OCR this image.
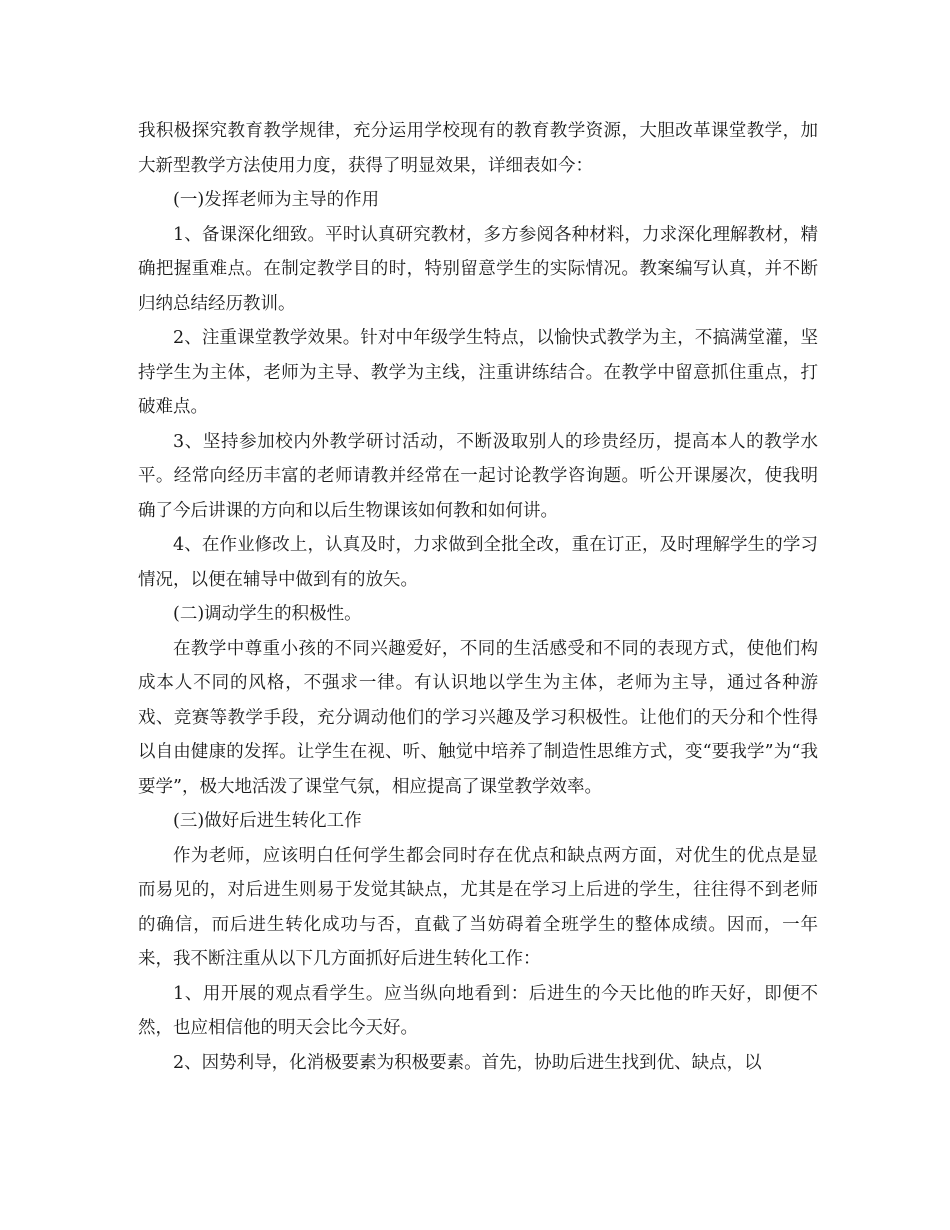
我积极探究教育教学规律，充分运用学校现有的教育教学资源，大胆改革课堂教学，加大新型教学方法使用力度，获得了明显效果，详细表如今：

(一)发挥老师为主导的作用

1、备课深化细致。平时认真研究教材，多方参阅各种材料，力求深化理解教材，精确把握重难点。在制定教学目的时，特别留意学生的实际情况。教案编写认真，并不断归纳总结经历教训。

2、注重课堂教学效果。针对中年级学生特点，以愉快式教学为主，不搞满堂灌，坚持学生为主体，老师为主导、教学为主线，注重讲练结合。在教学中留意抓住重点，打破难点。

3、坚持参加校内外教学研讨活动，不断汲取别人的珍贵经历，提高本人的教学水平。经常向经历丰富的老师请教并经常在一起讨论教学咨询题。听公开课屡次，使我明确了今后讲课的方向和以后生物课该如何教和如何讲。

4、在作业修改上，认真及时，力求做到全批全改，重在订正，及时理解学生的学习情况，以便在辅导中做到有的放矢。

(二)调动学生的积极性。

在教学中尊重小孩的不同兴趣爱好，不同的生活感受和不同的表现方式，使他们构成本人不同的风格，不强求一律。有认识地以学生为主体，老师为主导，通过各种游戏、竞赛等教学手段，充分调动他们的学习兴趣及学习积极性。让他们的天分和个性得以自由健康的发挥。让学生在视、听、触觉中培养了制造性思维方式，变“要我学”为“我要学”，极大地活泼了课堂气氛，相应提高了课堂教学效率。

(三)做好后进生转化工作

作为老师，应该明白任何学生都会同时存在优点和缺点两方面，对优生的优点是显而易见的，对后进生则易于发觉其缺点，尤其是在学习上后进的学生，往往得不到老师的确信，而后进生转化成功与否，直截了当妨碍着全班学生的整体成绩。因而，一年来，我不断注重从以下几方面抓好后进生转化工作：

1、用开展的观点看学生。应当纵向地看到：后进生的今天比他的昨天好，即便不然，也应相信他的明天会比今天好。

2、因势利导，化消极要素为积极要素。首先，协助后进生找到优、缺点，以
